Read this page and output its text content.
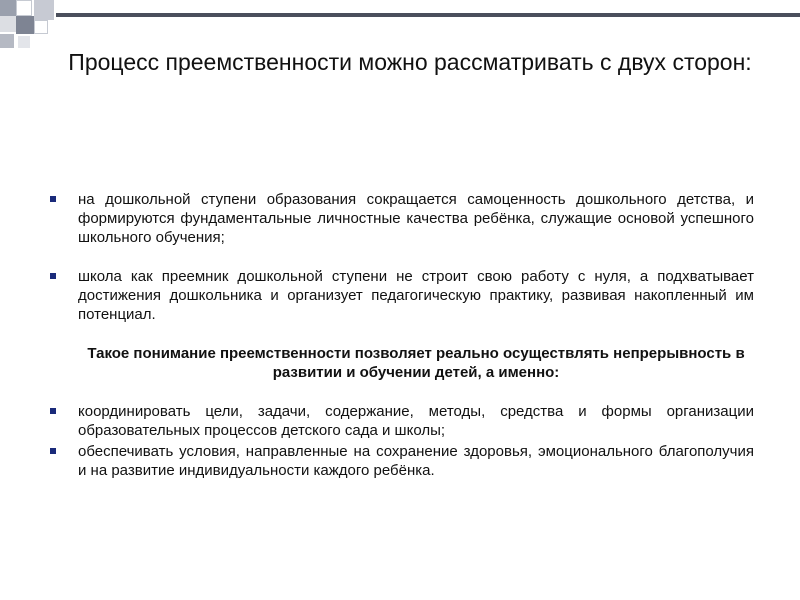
Процесс преемственности можно рассматривать с двух сторон:
на дошкольной ступени образования сокращается самоценность дошкольного детства, и формируются фундаментальные личностные качества ребёнка, служащие основой успешного школьного обучения;
школа как преемник дошкольной ступени не строит свою работу с нуля, а подхватывает достижения дошкольника и организует педагогическую практику, развивая накопленный им потенциал.
Такое понимание преемственности позволяет реально осуществлять непрерывность в развитии и обучении детей, а именно:
координировать цели, задачи, содержание, методы, средства и формы организации образовательных процессов детского сада и школы;
обеспечивать условия, направленные на сохранение здоровья, эмоционального благополучия и на развитие индивидуальности каждого ребёнка.
